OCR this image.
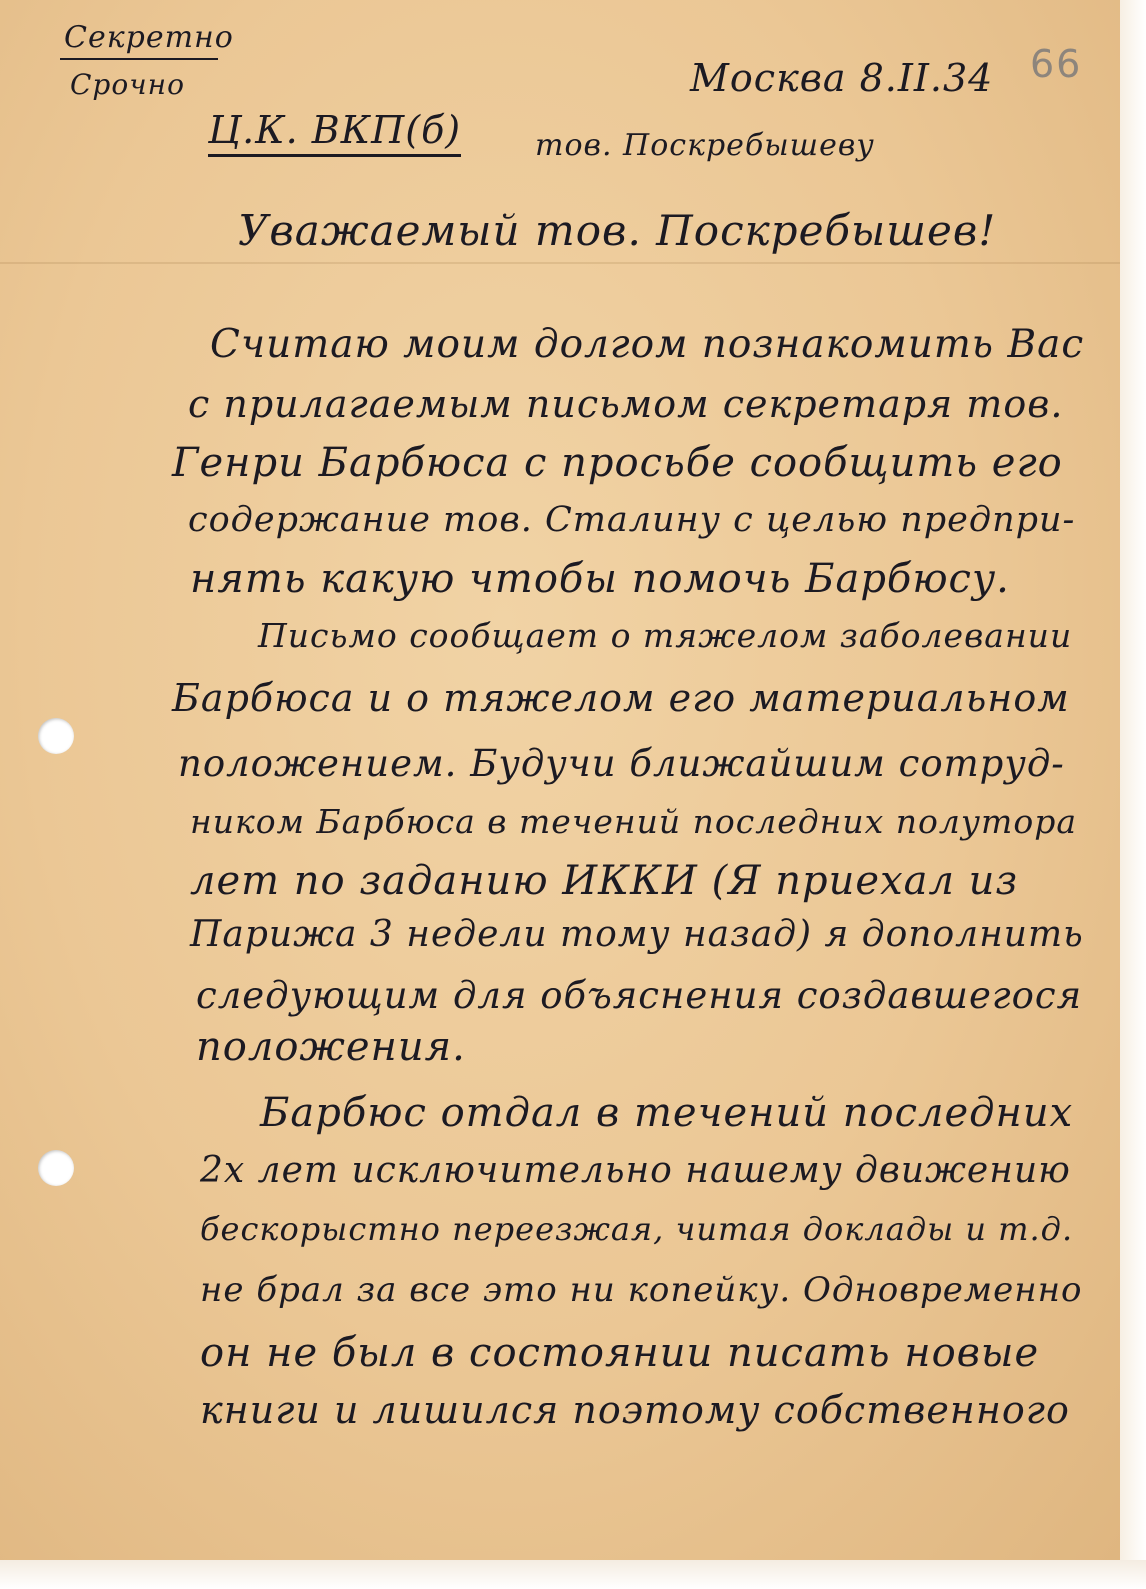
Секретно
Срочно	66
Москва 8.II.34
Ц.К. ВКП(б) тов. Поскребышеву
Уважаемый тов. Поскребышев!
Считаю моим долгом познакомить Вас
с прилагаемым письмом секретаря тов.
Генри Барбюса с просьбе сообщить его
содержание тов. Сталину с целью предпри-
нять какую чтобы помочь Барбюсу.
Письмо сообщает о тяжелом заболевании
Барбюса и о тяжелом его материальном
положением. Будучи ближайшим сотруд-
ником Барбюса в течений последних полутора
лет по заданию ИККИ (Я приехал из
Парижа 3 недели тому назад) я дополнить
следующим для объяснения создавшегося
положения.
Барбюс отдал в течений последних
2х лет исключительно нашему движению
бескорыстно переезжая, читая доклады и т.д.
не брал за все это ни копейку. Одновременно
он не был в состоянии писать новые
книги и лишился поэтому собственного
